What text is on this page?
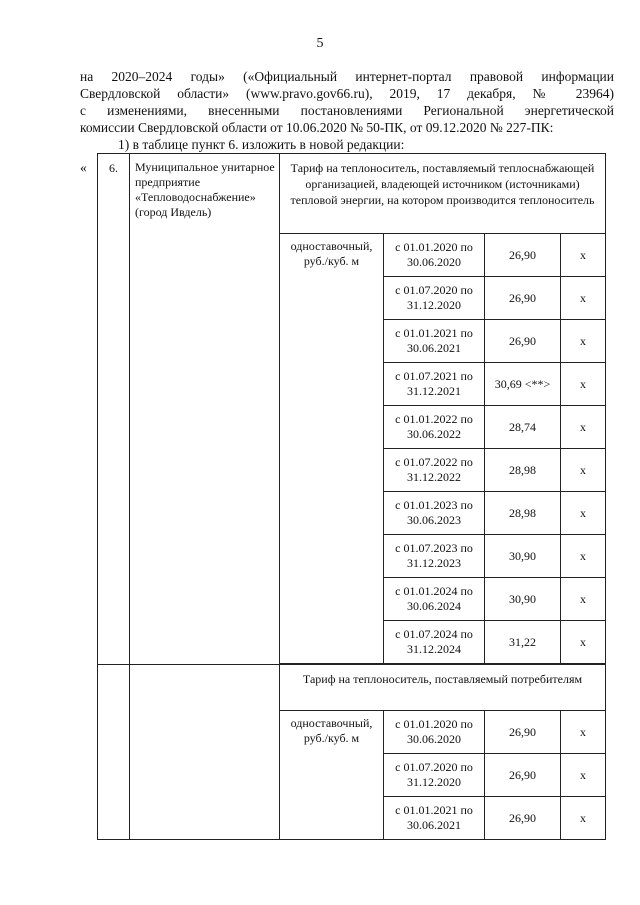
5
на 2020–2024 годы» («Официальный интернет-портал правовой информации
Свердловской области» (www.pravo.gov66.ru), 2019, 17 декабря, № 23964)
с изменениями, внесенными постановлениями Региональной энергетической
комиссии Свердловской области от 10.06.2020 № 50-ПК, от 09.12.2020 № 227-ПК:
1) в таблице пункт 6. изложить в новой редакции:
« 6.	Муниципальное унитарное предприятие «Тепловодоснабжение» (город Ивдель)	Тариф на теплоноситель, поставляемый теплоснабжающей организацией, владеющей источником (источниками) тепловой энергии, на котором производится теплоноситель			
		одноставочный, руб./куб. м	с 01.01.2020 по 30.06.2020	26,90	x
			с 01.07.2020 по 31.12.2020	26,90	x
			с 01.01.2021 по 30.06.2021	26,90	x
			с 01.07.2021 по 31.12.2021	30,69 <**>	x
			с 01.01.2022 по 30.06.2022	28,74	x
			с 01.07.2022 по 31.12.2022	28,98	x
			с 01.01.2023 по 30.06.2023	28,98	x
			с 01.07.2023 по 31.12.2023	30,90	x
			с 01.01.2024 по 30.06.2024	30,90	x
			с 01.07.2024 по 31.12.2024	31,22	x

		Тариф на теплоноситель, поставляемый потребителям			
		одноставочный, руб./куб. м	с 01.01.2020 по 30.06.2020	26,90	x
			с 01.07.2020 по 31.12.2020	26,90	x
			с 01.01.2021 по 30.06.2021	26,90	x
